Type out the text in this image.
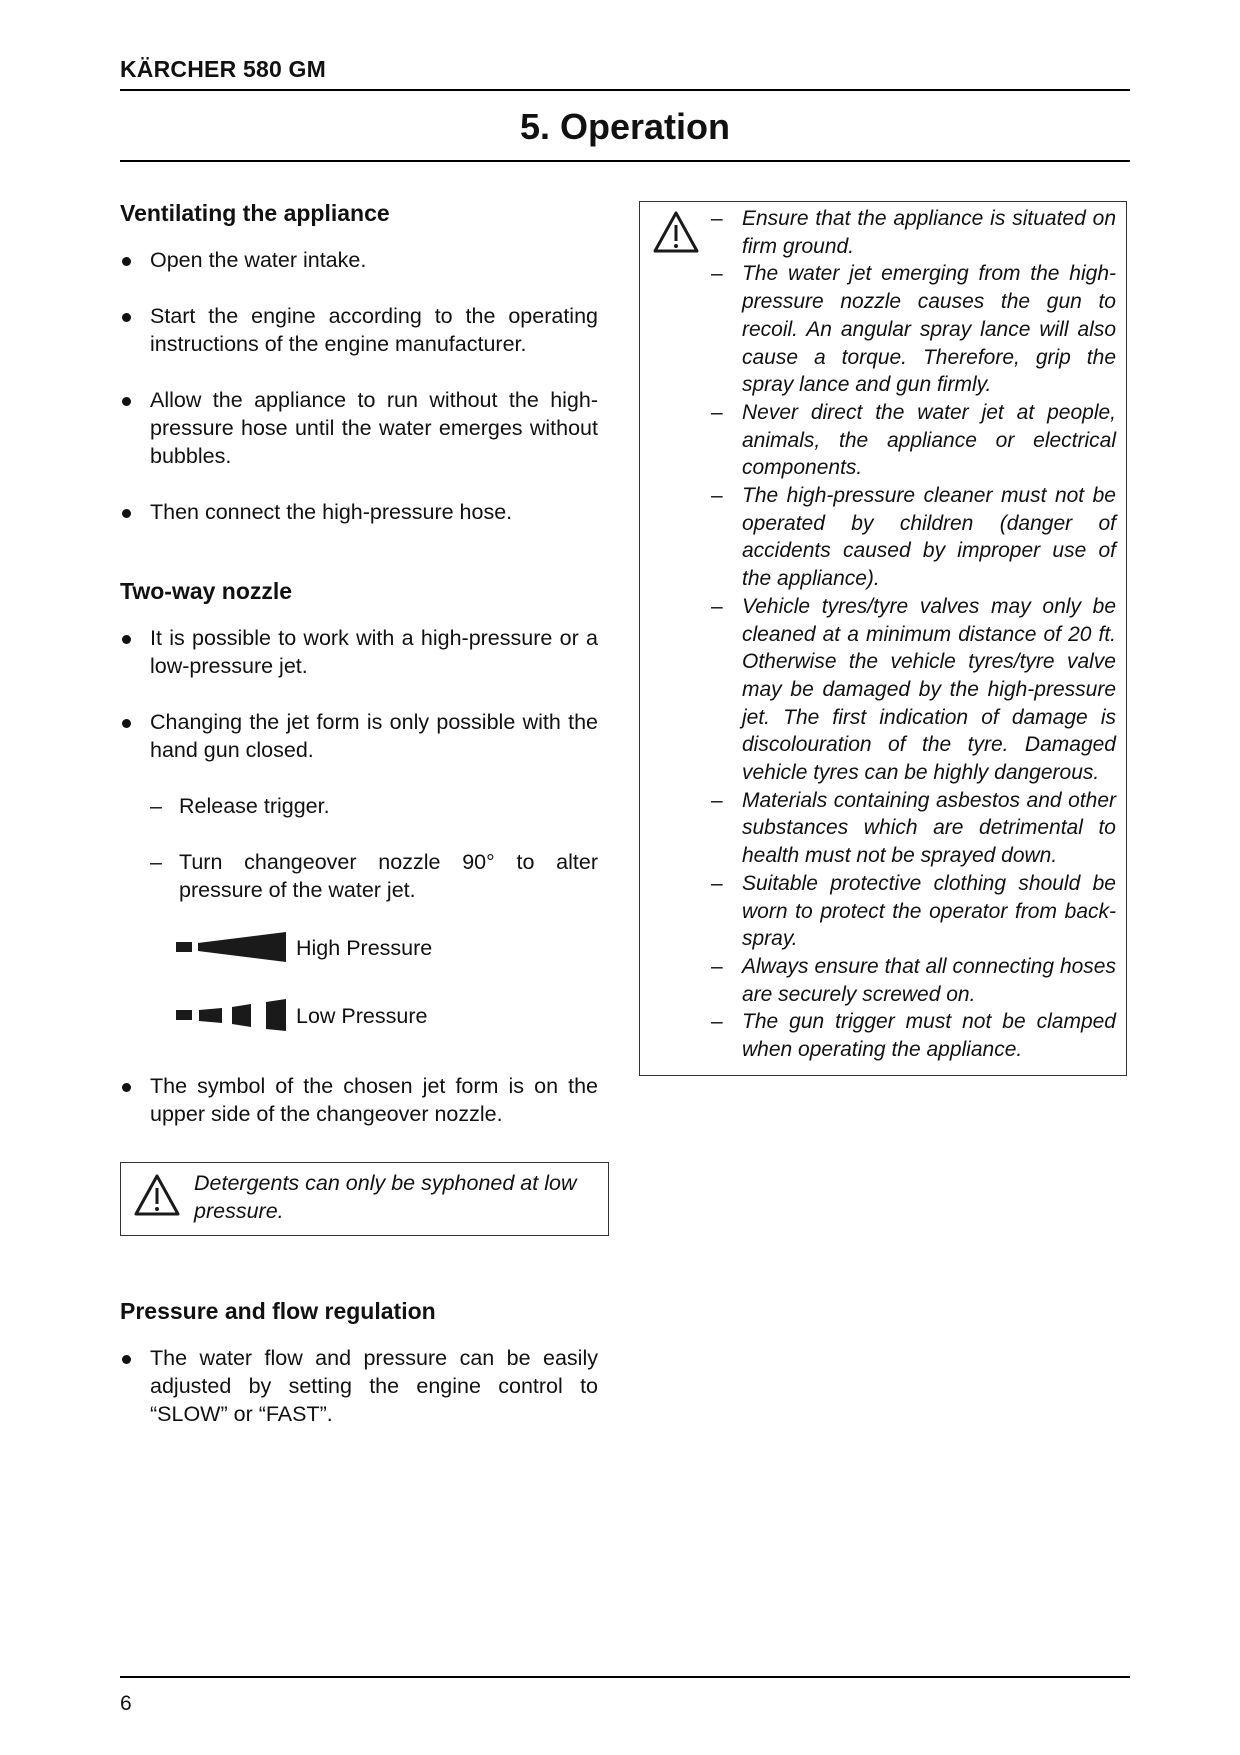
KÄRCHER 580 GM
5. Operation
Ventilating the appliance
Open the water intake.
Start the engine according to the operating instructions of the engine manufacturer.
Allow the appliance to run without the high-pressure hose until the water emerges without bubbles.
Then connect the high-pressure hose.
Two-way nozzle
It is possible to work with a high-pressure or a low-pressure jet.
Changing the jet form is only possible with the hand gun closed.
– Release trigger.
– Turn changeover nozzle 90° to alter pressure of the water jet.
High Pressure
Low Pressure
The symbol of the chosen jet form is on the upper side of the changeover nozzle.
Detergents can only be syphoned at low pressure.
Pressure and flow regulation
The water flow and pressure can be easily adjusted by setting the engine control to “SLOW” or “FAST”.
– Ensure that the appliance is situated on firm ground.
– The water jet emerging from the high-pressure nozzle causes the gun to recoil. An angular spray lance will also cause a torque. Therefore, grip the spray lance and gun firmly.
– Never direct the water jet at people, animals, the appliance or electrical components.
– The high-pressure cleaner must not be operated by children (danger of accidents caused by improper use of the appliance).
– Vehicle tyres/tyre valves may only be cleaned at a minimum distance of 20 ft. Otherwise the vehicle tyres/tyre valve may be damaged by the high-pressure jet. The first indication of damage is discolouration of the tyre. Damaged vehicle tyres can be highly dangerous.
– Materials containing asbestos and other substances which are detrimental to health must not be sprayed down.
– Suitable protective clothing should be worn to protect the operator from back-spray.
– Always ensure that all connecting hoses are securely screwed on.
– The gun trigger must not be clamped when operating the appliance.
6
